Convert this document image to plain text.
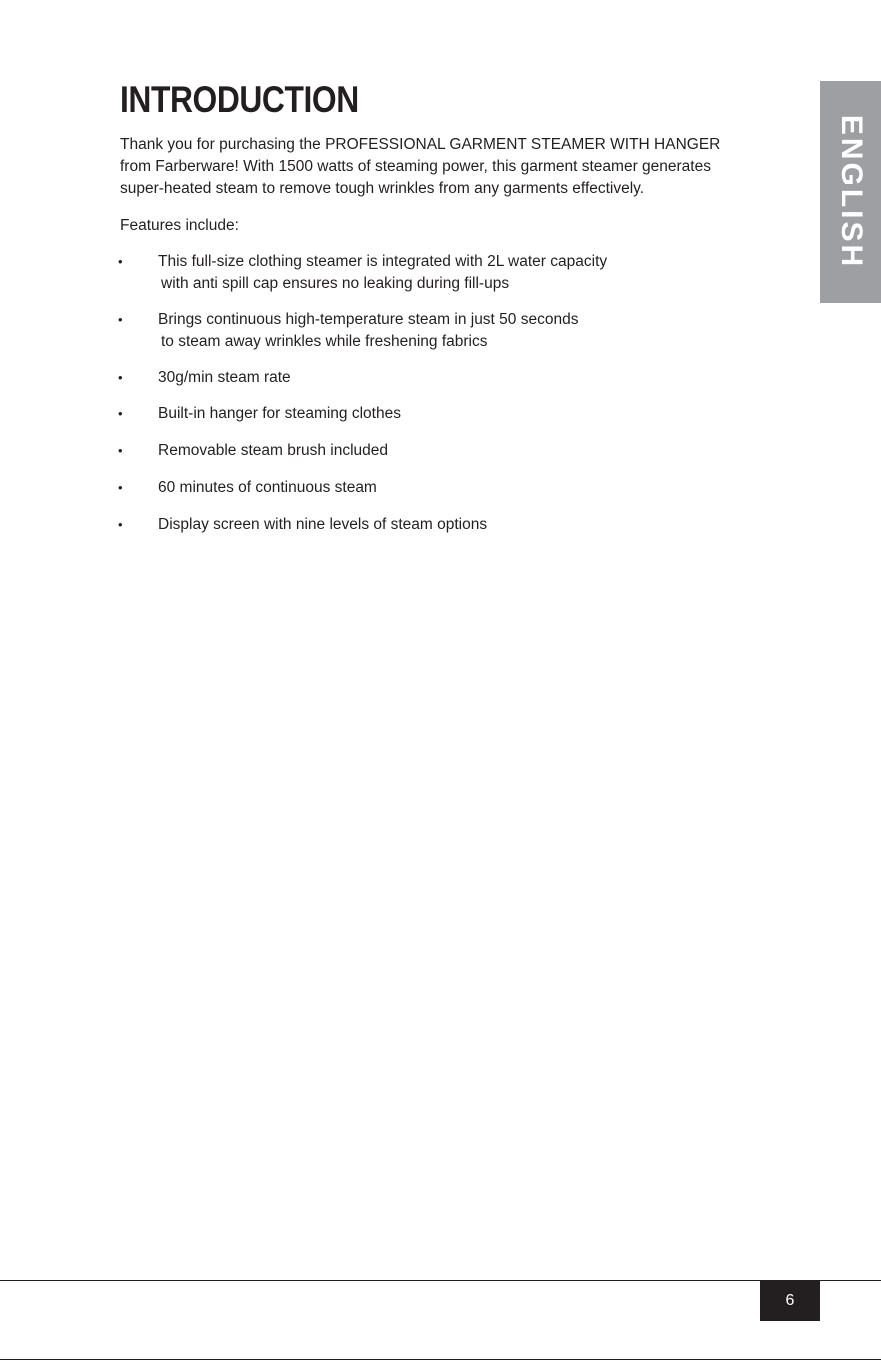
INTRODUCTION

Thank you for purchasing the PROFESSIONAL GARMENT STEAMER WITH HANGER
from Farberware! With 1500 watts of steaming power, this garment steamer generates
super-heated steam to remove tough wrinkles from any garments effectively.

Features include:

• This full-size clothing steamer is integrated with 2L water capacity
with anti spill cap ensures no leaking during fill-ups
• Brings continuous high-temperature steam in just 50 seconds
to steam away wrinkles while freshening fabrics
• 30g/min steam rate
• Built-in hanger for steaming clothes
• Removable steam brush included
• 60 minutes of continuous steam
• Display screen with nine levels of steam options
ENGLISH
6
